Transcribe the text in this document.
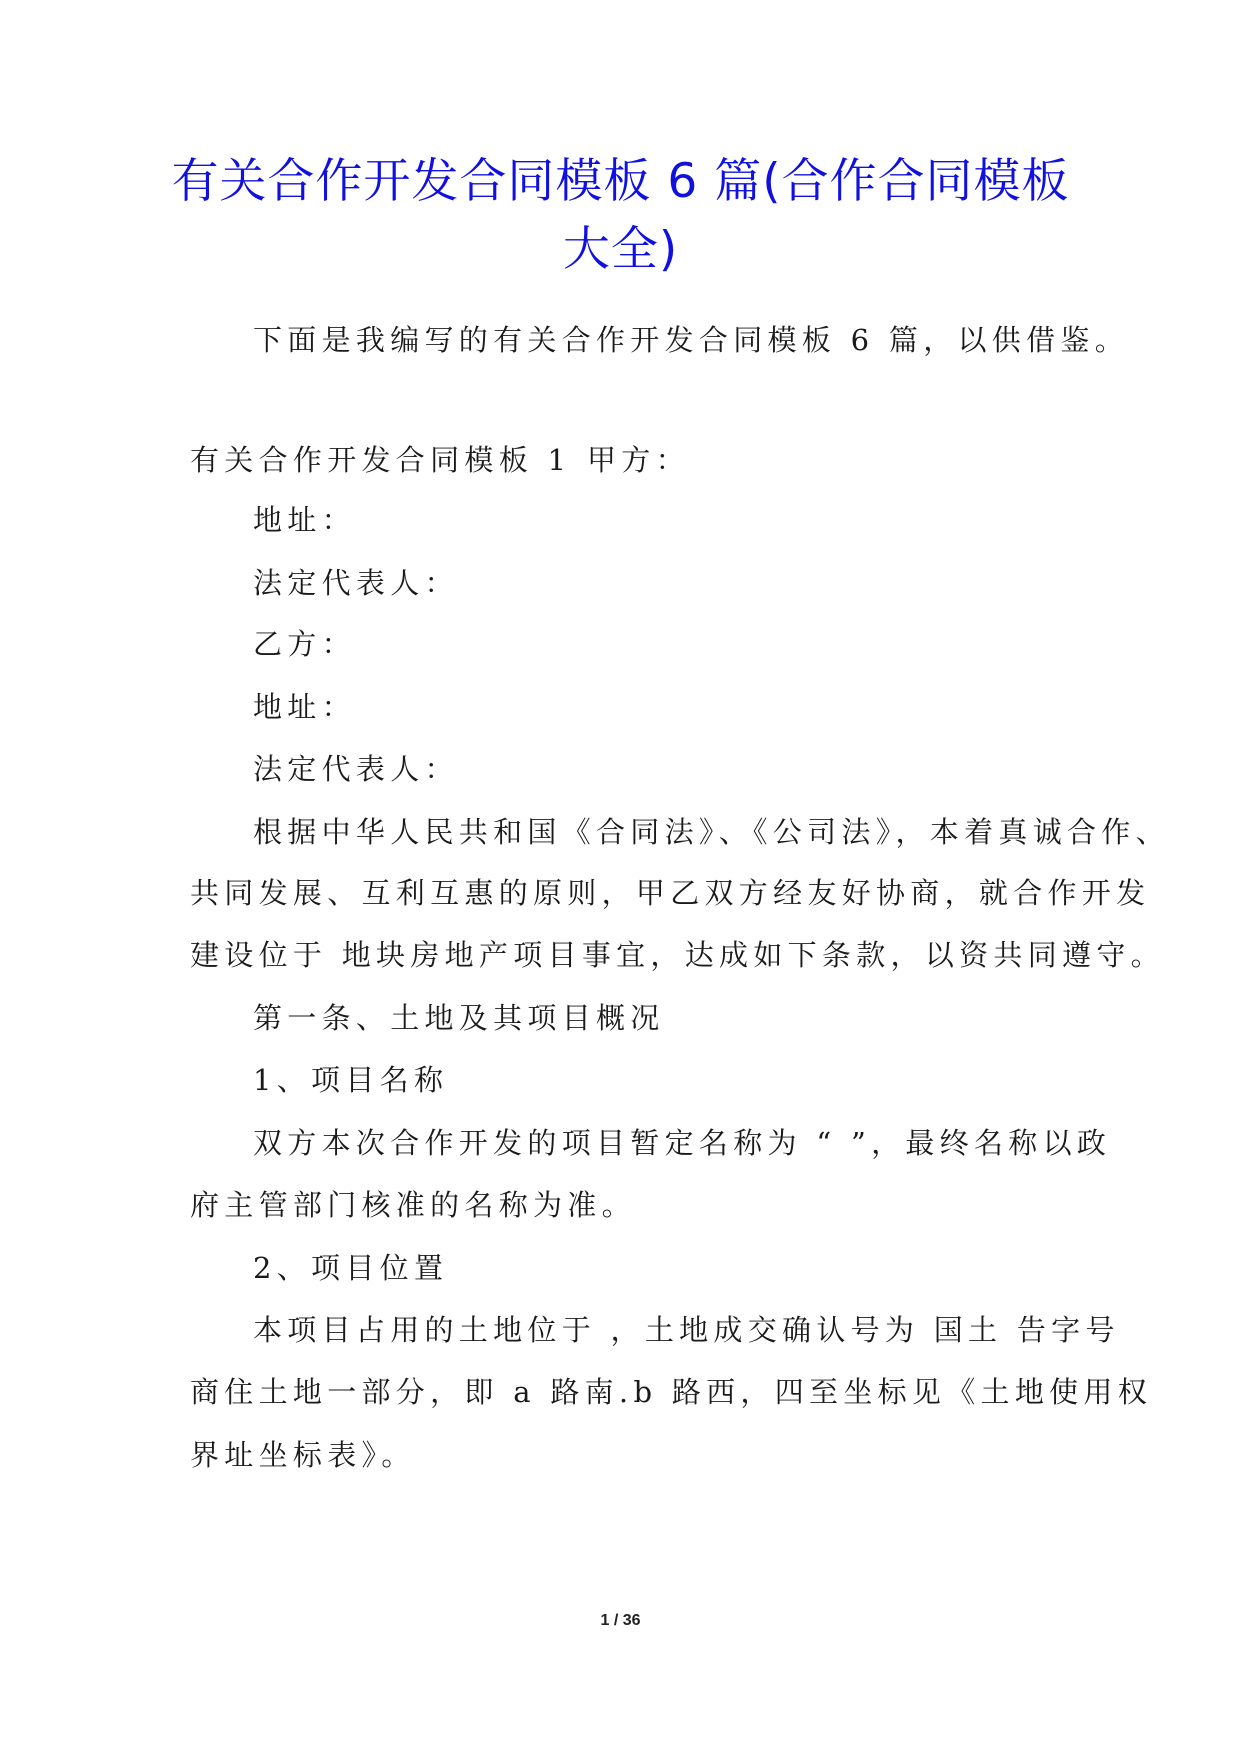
有关合作开发合同模板 6 篇(合作合同模板
大全)
下面是我编写的有关合作开发合同模板 6 篇，以供借鉴。
有关合作开发合同模板 1 甲方：
地址：
法定代表人：
乙方：
地址：
法定代表人：
根据中华人民共和国《合同法》、《公司法》，本着真诚合作、
共同发展、互利互惠的原则，甲乙双方经友好协商，就合作开发
建设位于 地块房地产项目事宜，达成如下条款，以资共同遵守。
第一条、土地及其项目概况
1、项目名称
双方本次合作开发的项目暂定名称为 “ ”，最终名称以政
府主管部门核准的名称为准。
2、项目位置
本项目占用的土地位于 ，土地成交确认号为 国土 告字号
商住土地一部分，即 a 路南.b 路西，四至坐标见《土地使用权
界址坐标表》。
1 / 36
